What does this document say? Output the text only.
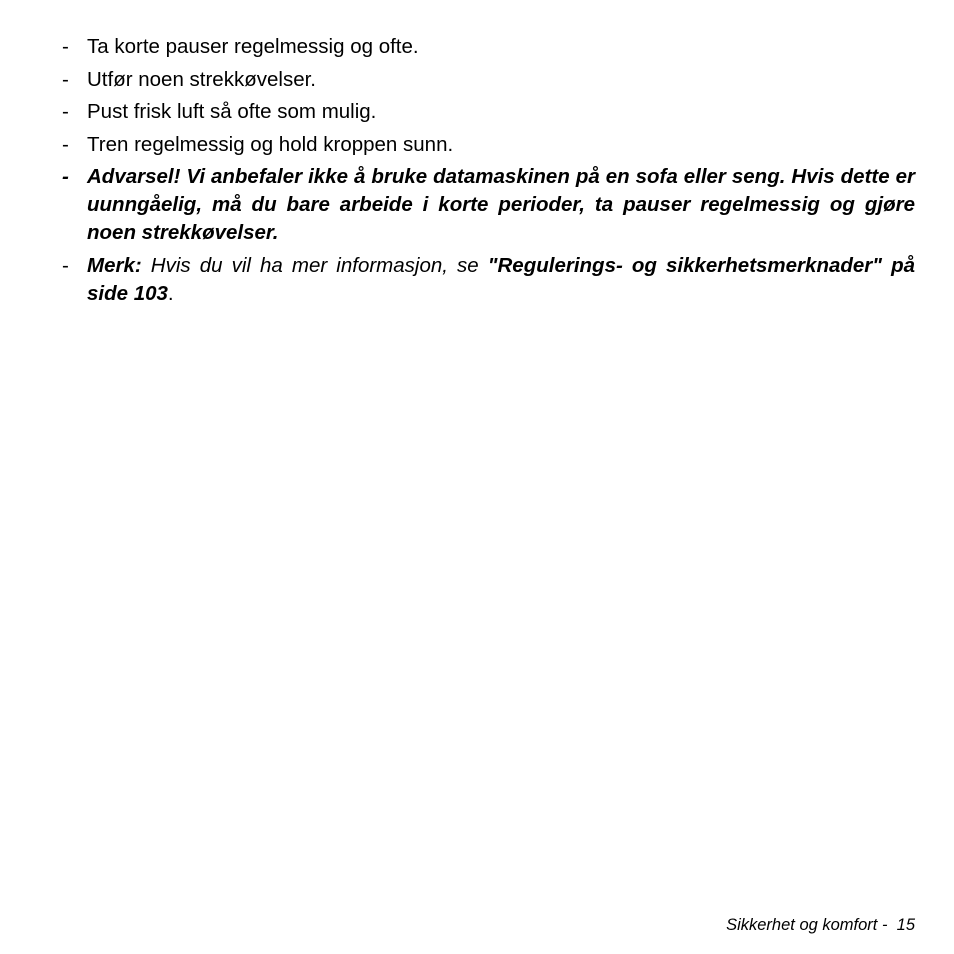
- Ta korte pauser regelmessig og ofte.
- Utfør noen strekkøvelser.
- Pust frisk luft så ofte som mulig.
- Tren regelmessig og hold kroppen sunn.
- Advarsel! Vi anbefaler ikke å bruke datamaskinen på en sofa eller seng. Hvis dette er uunngåelig, må du bare arbeide i korte perioder, ta pauser regelmessig og gjøre noen strekkøvelser.
- Merk: Hvis du vil ha mer informasjon, se "Regulerings- og sikkerhetsmerknader" på side 103.
Sikkerhet og komfort - 15
